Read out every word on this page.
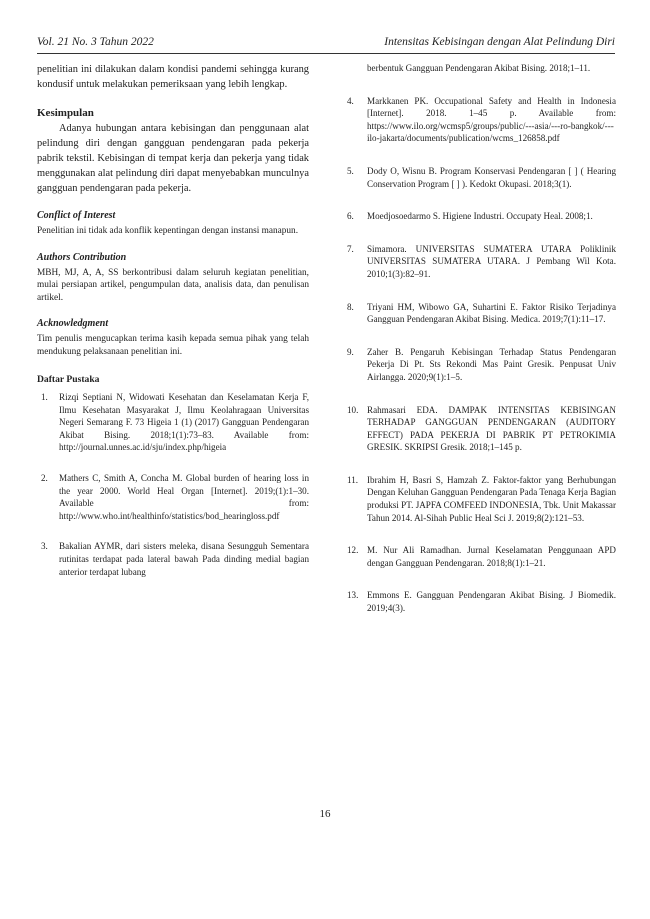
Vol. 21 No. 3 Tahun 2022	Intensitas Kebisingan dengan Alat Pelindung Diri

penelitian ini dilakukan dalam kondisi pandemi sehingga kurang kondusif untuk melakukan pemeriksaan yang lebih lengkap.

Kesimpulan

Adanya hubungan antara kebisingan dan penggunaan alat pelindung diri dengan gangguan pendengaran pada pekerja pabrik tekstil. Kebisingan di tempat kerja dan pekerja yang tidak menggunakan alat pelindung diri dapat menyebabkan munculnya gangguan pendengaran pada pekerja.

Conflict of Interest

Penelitian ini tidak ada konflik kepentingan dengan instansi manapun.

Authors Contribution

MBH, MJ, A, A, SS berkontribusi dalam seluruh kegiatan penelitian, mulai persiapan artikel, pengumpulan data, analisis data, dan penulisan artikel.

Acknowledgment

Tim penulis mengucapkan terima kasih kepada semua pihak yang telah mendukung pelaksanaan penelitian ini.

Daftar Pustaka

1.	Rizqi Septiani N, Widowati Kesehatan dan Keselamatan Kerja F, Ilmu Kesehatan Masyarakat J, Ilmu Keolahragaan Universitas Negeri Semarang F. 73 Higeia 1 (1) (2017) Gangguan Pendengaran Akibat Bising. 2018;1(1):73–83. Available from: http://journal.unnes.ac.id/sju/index.php/higeia
2.	Mathers C, Smith A, Concha M. Global burden of hearing loss in the year 2000. World Heal Organ [Internet]. 2019;(1):1–30. Available from: http://www.who.int/healthinfo/statistics/bod_hearingloss.pdf
3.	Bakalian AYMR, dari sisters meleka, disana Sesungguh Sementara rutinitas terdapat pada lateral bawah Pada dinding medial bagian anterior terdapat lubang
berbentuk Gangguan Pendengaran Akibat Bising. 2018;1–11.
4.	Markkanen PK. Occupational Safety and Health in Indonesia [Internet]. 2018. 1–45 p. Available from: https://www.ilo.org/wcmsp5/groups/public/---asia/---ro-bangkok/---ilo-jakarta/documents/publication/wcms_126858.pdf
5.	Dody O, Wisnu B. Program Konservasi Pendengaran [ ] ( Hearing Conservation Program [ ] ). Kedokt Okupasi. 2018;3(1).
6.	Moedjosoedarmo S. Higiene Industri. Occupaty Heal. 2008;1.
7.	Simamora. UNIVERSITAS SUMATERA UTARA Poliklinik UNIVERSITAS SUMATERA UTARA. J Pembang Wil Kota. 2010;1(3):82–91.
8.	Triyani HM, Wibowo GA, Suhartini E. Faktor Risiko Terjadinya Gangguan Pendengaran Akibat Bising. Medica. 2019;7(1):11–17.
9.	Zaher B. Pengaruh Kebisingan Terhadap Status Pendengaran Pekerja Di Pt. Sts Rekondi Mas Paint Gresik. Penpusat Univ Airlangga. 2020;9(1):1–5.
10. Rahmasari EDA. DAMPAK INTENSITAS KEBISINGAN TERHADAP GANGGUAN PENDENGARAN (AUDITORY EFFECT) PADA PEKERJA DI PABRIK PT PETROKIMIA GRESIK. SKRIPSI Gresik. 2018;1–145 p.
11. Ibrahim H, Basri S, Hamzah Z. Faktor-faktor yang Berhubungan Dengan Keluhan Gangguan Pendengaran Pada Tenaga Kerja Bagian produksi PT. JAPFA COMFEED INDONESIA, Tbk. Unit Makassar Tahun 2014. Al-Sihah Public Heal Sci J. 2019;8(2):121–53.
12. M. Nur Ali Ramadhan. Jurnal Keselamatan Penggunaan APD dengan Gangguan Pendengaran. 2018;8(1):1–21.
13. Emmons E. Gangguan Pendengaran Akibat Bising. J Biomedik. 2019;4(3).
16
